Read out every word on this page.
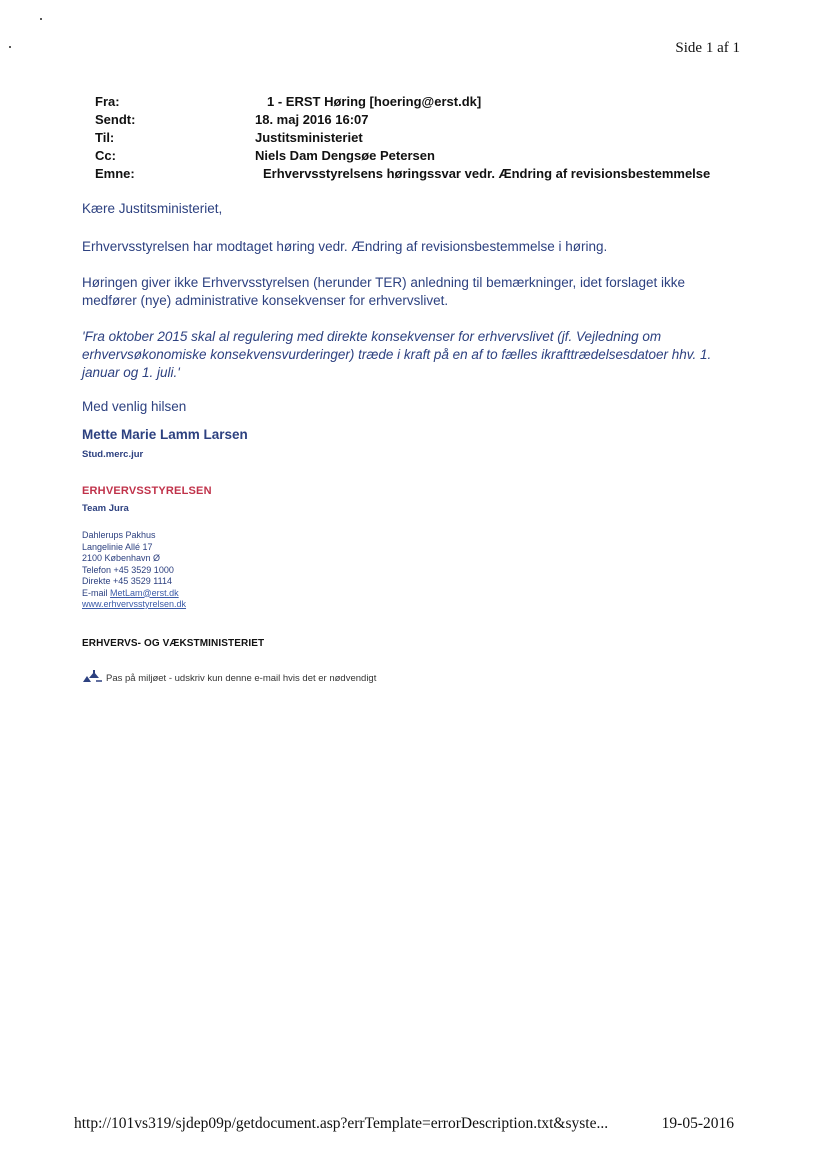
Side 1 af 1
Fra:	1 - ERST Høring [hoering@erst.dk]
Sendt:	18. maj 2016 16:07
Til:	Justitsministeriet
Cc:	Niels Dam Dengsøe Petersen
Emne:	Erhvervsstyrelsens høringssvar vedr. Ændring af revisionsbestemmelse

Kære Justitsministeriet,

Erhvervsstyrelsen har modtaget høring vedr. Ændring af revisionsbestemmelse i høring.

Høringen giver ikke Erhvervsstyrelsen (herunder TER) anledning til bemærkninger, idet forslaget ikke medfører (nye) administrative konsekvenser for erhvervslivet.

'Fra oktober 2015 skal al regulering med direkte konsekvenser for erhvervslivet (jf. Vejledning om erhvervsøkonomiske konsekvensvurderinger) træde i kraft på en af to fælles ikrafttrædelsesdatoer hhv. 1. januar og 1. juli.'

Med venlig hilsen

Mette Marie Lamm Larsen
Stud.merc.jur
ERHVERVSSTYRELSEN
Team Jura
Dahlerups Pakhus
Langelinie Allé 17
2100 København Ø
Telefon +45 3529 1000
Direkte +45 3529 1114
E-mail MetLam@erst.dk
www.erhvervsstyrelsen.dk
ERHVERVS- OG VÆKSTMINISTERIET
Pas på miljøet - udskriv kun denne e-mail hvis det er nødvendigt
http://101vs319/sjdep09p/getdocument.asp?errTemplate=errorDescription.txt&syste...	19-05-2016
